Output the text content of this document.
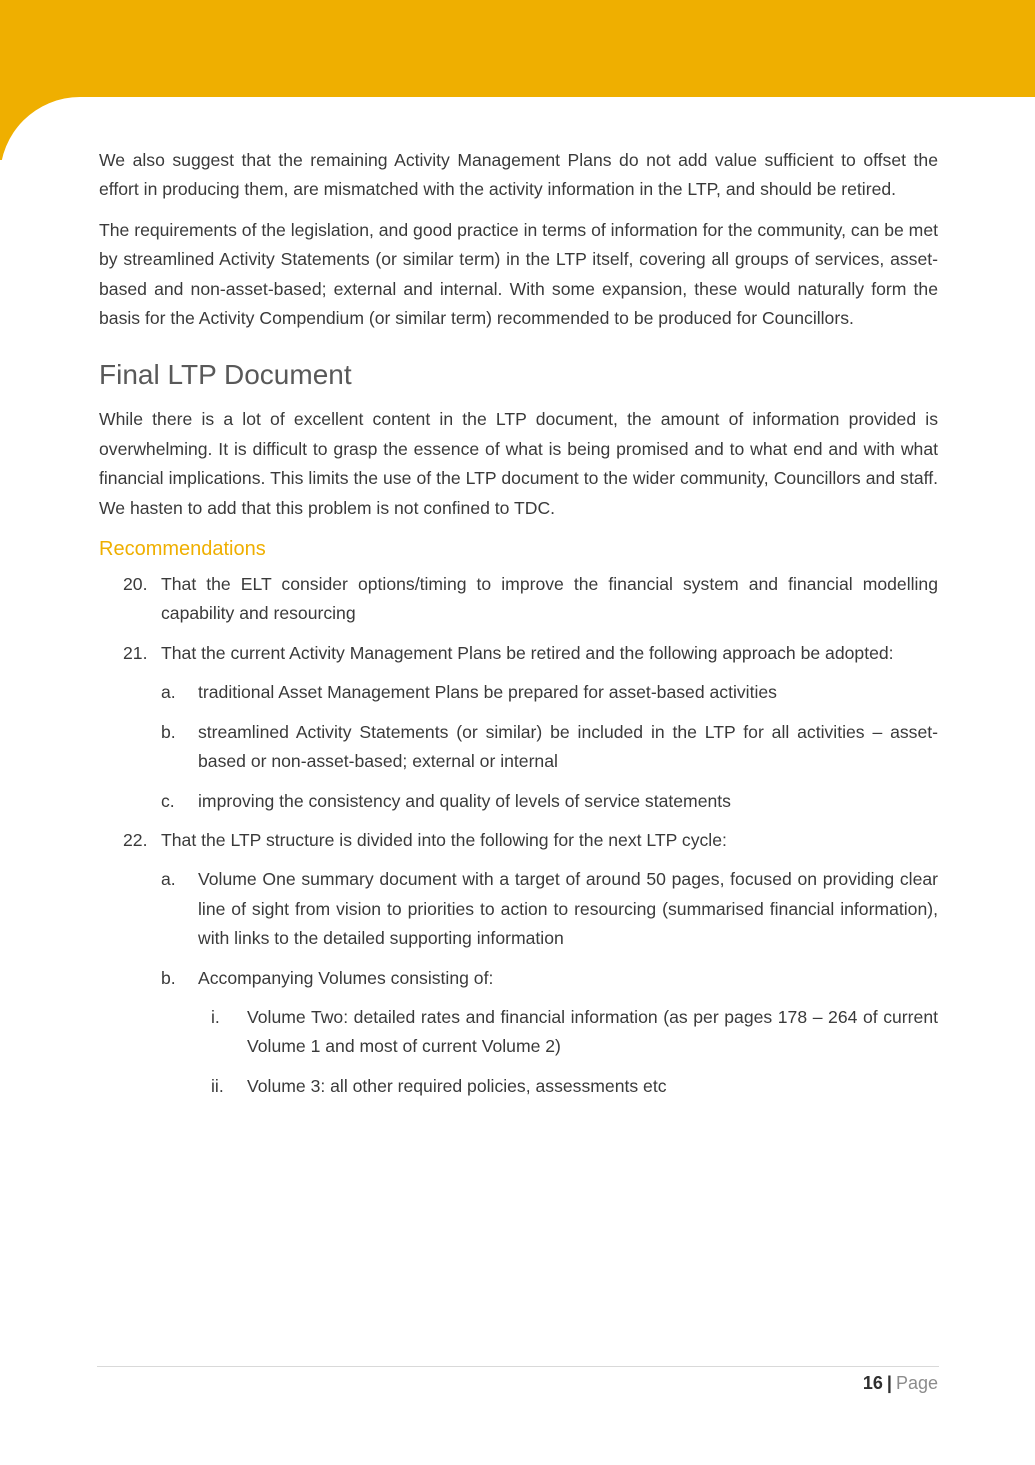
We also suggest that the remaining Activity Management Plans do not add value sufficient to offset the effort in producing them, are mismatched with the activity information in the LTP, and should be retired.

The requirements of the legislation, and good practice in terms of information for the community, can be met by streamlined Activity Statements (or similar term) in the LTP itself, covering all groups of services, asset-based and non-asset-based; external and internal. With some expansion, these would naturally form the basis for the Activity Compendium (or similar term) recommended to be produced for Councillors.

Final LTP Document

While there is a lot of excellent content in the LTP document, the amount of information provided is overwhelming. It is difficult to grasp the essence of what is being promised and to what end and with what financial implications. This limits the use of the LTP document to the wider community, Councillors and staff. We hasten to add that this problem is not confined to TDC.

Recommendations
20. That the ELT consider options/timing to improve the financial system and financial modelling capability and resourcing
21. That the current Activity Management Plans be retired and the following approach be adopted:
a. traditional Asset Management Plans be prepared for asset-based activities
b. streamlined Activity Statements (or similar) be included in the LTP for all activities – asset-based or non-asset-based; external or internal
c. improving the consistency and quality of levels of service statements
22. That the LTP structure is divided into the following for the next LTP cycle:
a. Volume One summary document with a target of around 50 pages, focused on providing clear line of sight from vision to priorities to action to resourcing (summarised financial information), with links to the detailed supporting information
b. Accompanying Volumes consisting of:
i. Volume Two: detailed rates and financial information (as per pages 178 – 264 of current Volume 1 and most of current Volume 2)
ii. Volume 3: all other required policies, assessments etc
16 | Page
